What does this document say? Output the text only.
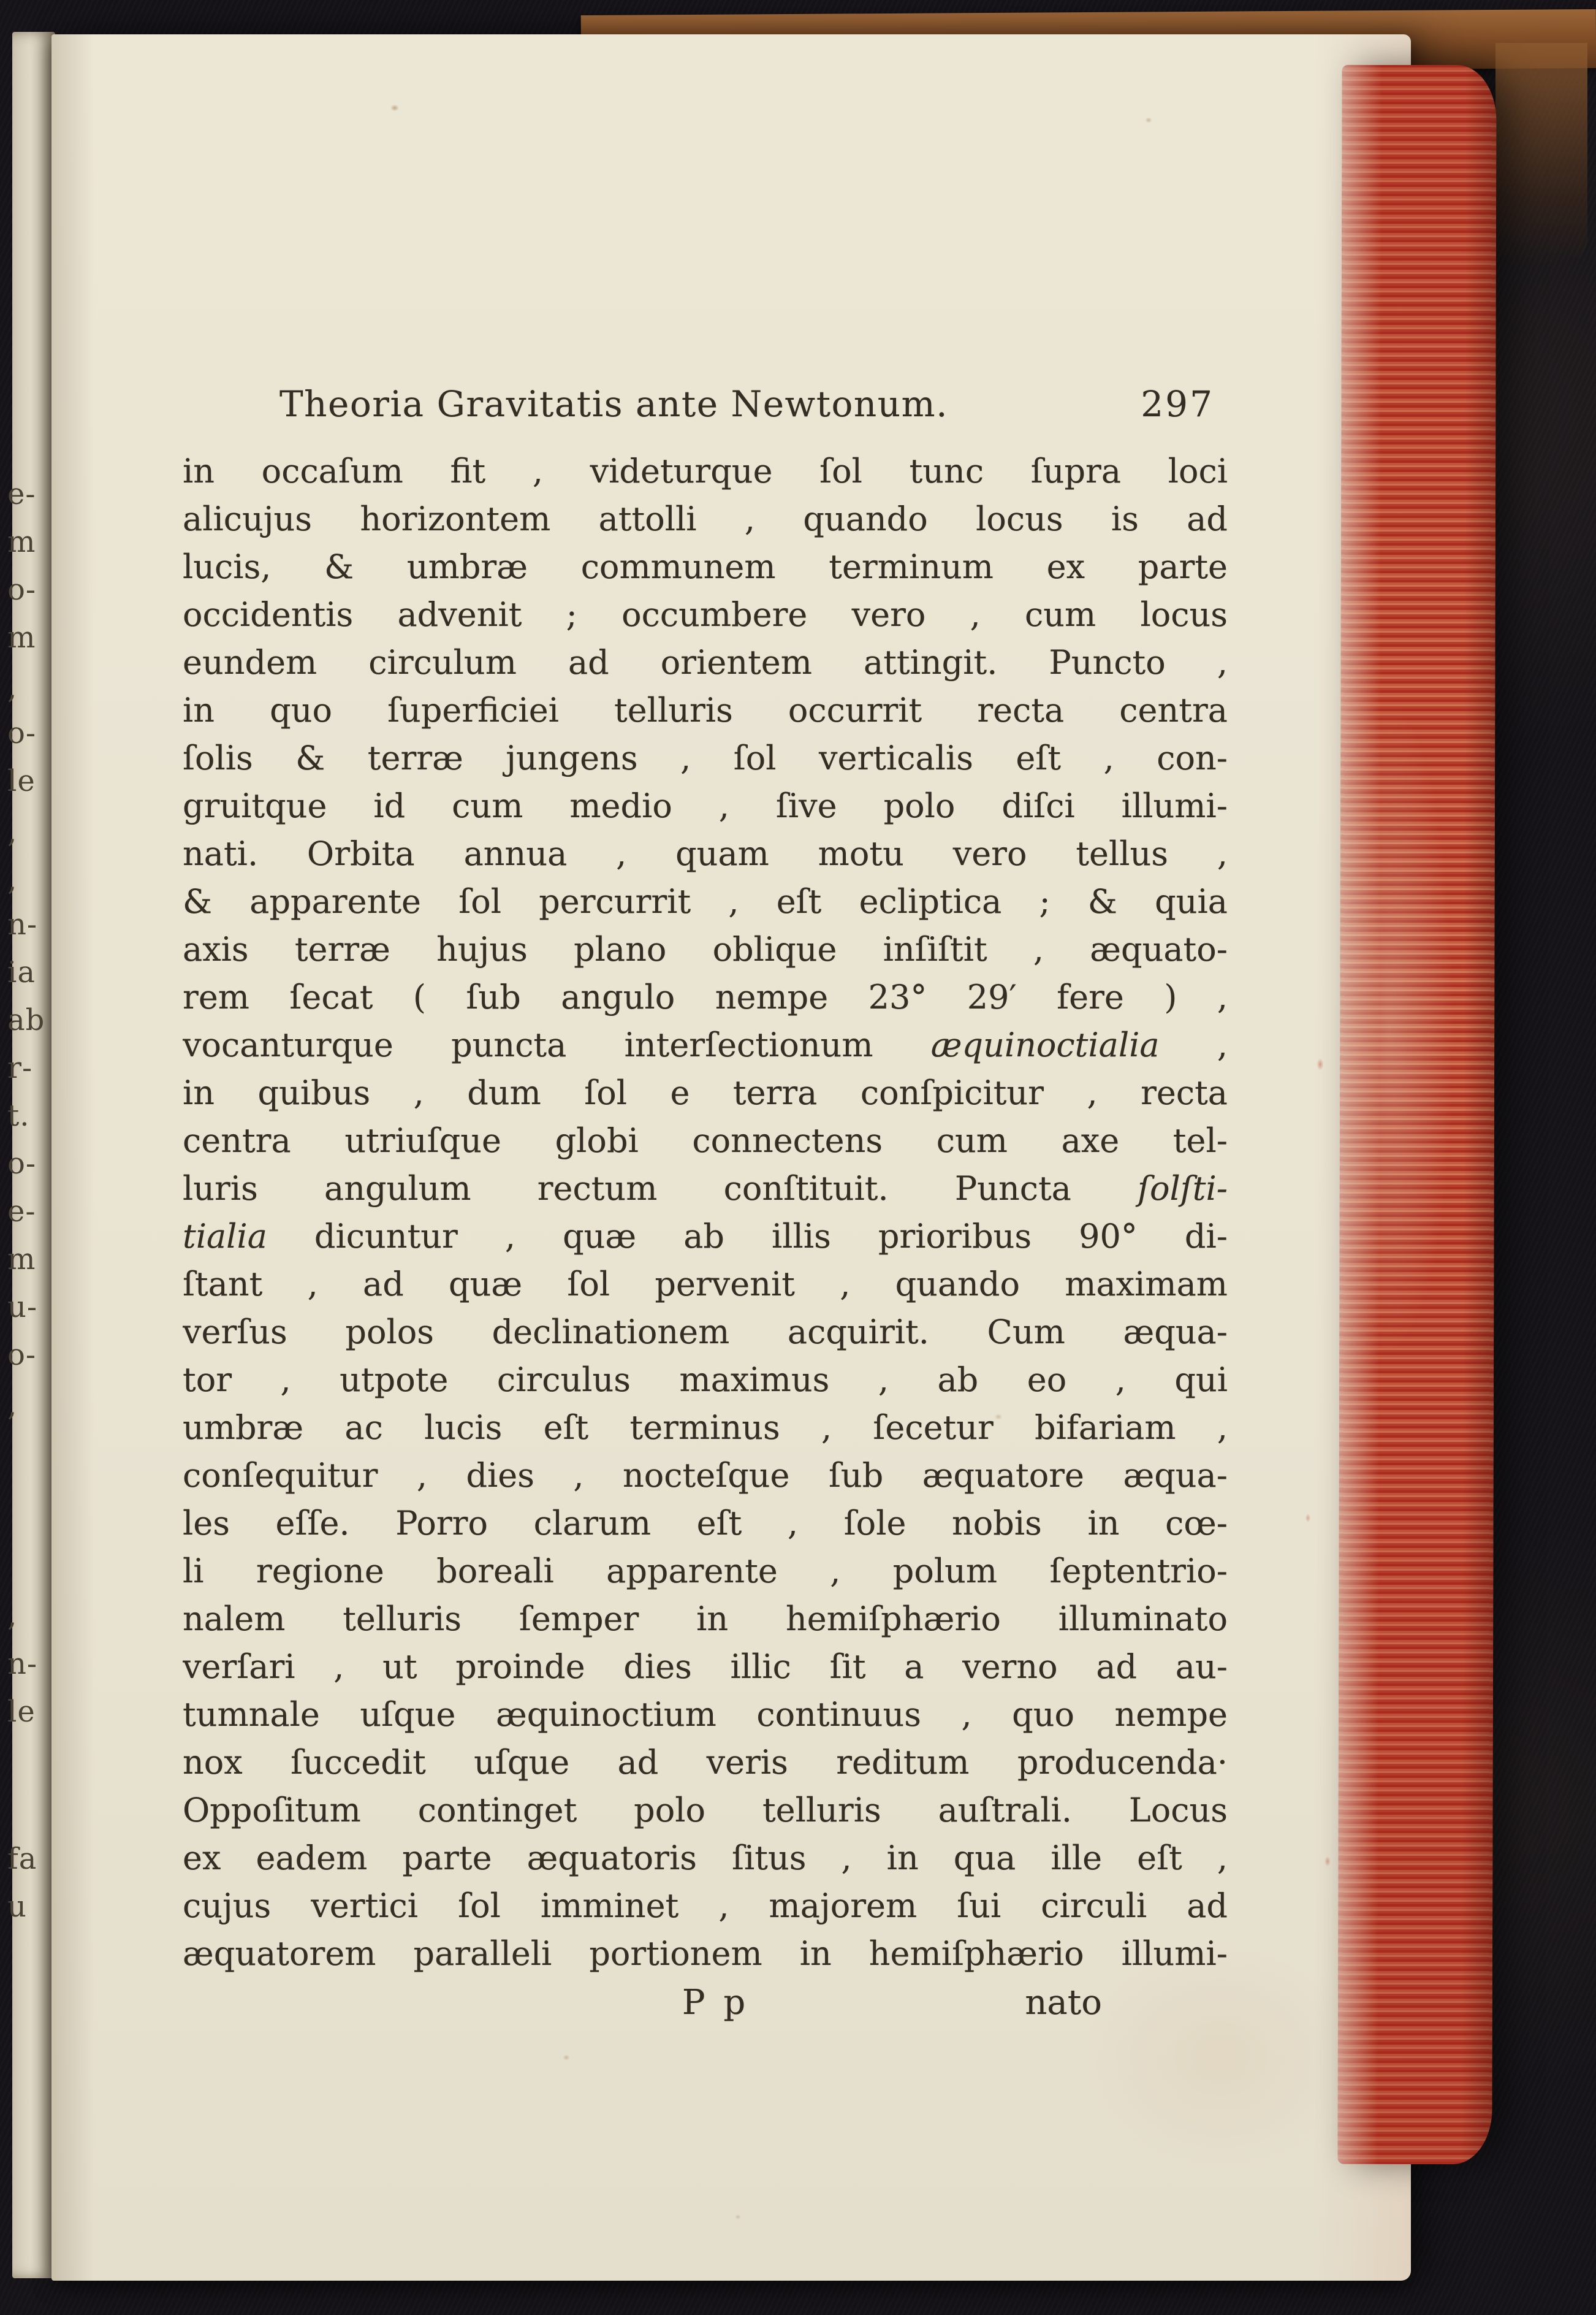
e-
m
o-
m
,
o-
le
,
,
n-
ia
ab
r-
t.
o-
e-
m
u-
o-
,
,
n-
le
fa
u
Theoria Gravitatis ante Newtonum.	297
in occaſum fit , videturque ſol tunc ſupra loci
alicujus horizontem attolli , quando locus is ad
lucis, & umbræ communem terminum ex parte
occidentis advenit ; occumbere vero , cum locus
eundem circulum ad orientem attingit. Puncto ,
in quo ſuperficiei telluris occurrit recta centra
ſolis & terræ jungens , ſol verticalis eſt , con-
gruitque id cum medio , ſive polo diſci illumi-
nati. Orbita annua , quam motu vero tellus ,
& apparente ſol percurrit , eſt ecliptica ; & quia
axis terræ hujus plano oblique inſiſtit , æquato-
rem ſecat ( ſub angulo nempe 23° 29′ fere ) ,
vocanturque puncta interſectionum æquinoctialia ,
in quibus , dum ſol e terra conſpicitur , recta
centra utriuſque globi connectens cum axe tel-
luris angulum rectum conſtituit. Puncta ſolſti-
tialia dicuntur , quæ ab illis prioribus 90° di-
ſtant , ad quæ ſol pervenit , quando maximam
verſus polos declinationem acquirit. Cum æqua-
tor , utpote circulus maximus , ab eo , qui
umbræ ac lucis eſt terminus , ſecetur bifariam ,
conſequitur , dies , nocteſque ſub æquatore æqua-
les eſſe. Porro clarum eſt , ſole nobis in cœ-
li regione boreali apparente , polum ſeptentrio-
nalem telluris ſemper in hemiſphærio illuminato
verſari , ut proinde dies illic ſit a verno ad au-
tumnale uſque æquinoctium continuus , quo nempe
nox ſuccedit uſque ad veris reditum producenda·
Oppoſitum continget polo telluris auſtrali. Locus
ex eadem parte æquatoris ſitus , in qua ille eſt ,
cujus vertici ſol imminet , majorem ſui circuli ad
æquatorem paralleli portionem in hemiſphærio illumi-
P p	nato
